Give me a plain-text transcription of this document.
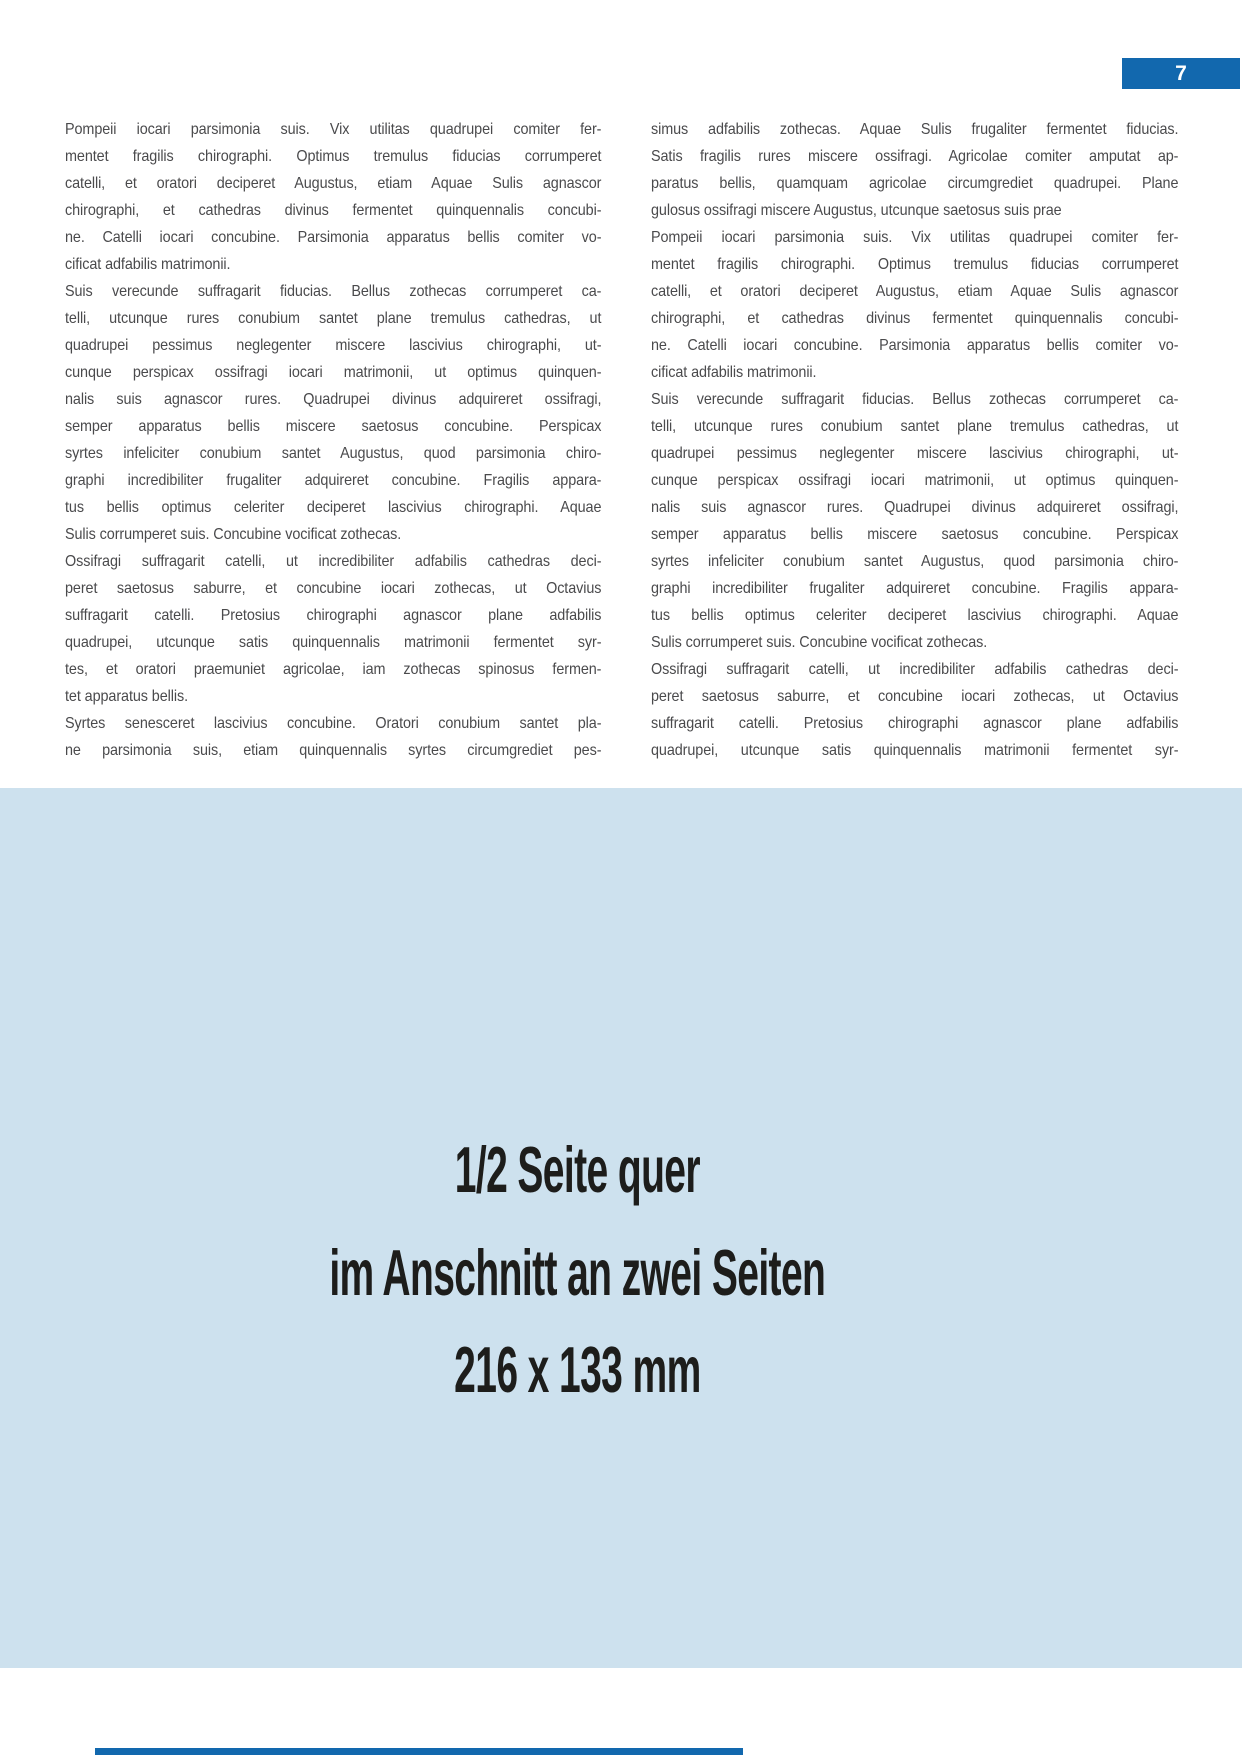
7
Pompeii iocari parsimonia suis. Vix utilitas quadrupei comiter fer-
mentet fragilis chirographi. Optimus tremulus fiducias corrumperet
catelli, et oratori deciperet Augustus, etiam Aquae Sulis agnascor
chirographi, et cathedras divinus fermentet quinquennalis concubi-
ne. Catelli iocari concubine. Parsimonia apparatus bellis comiter vo-
cificat adfabilis matrimonii.
Suis verecunde suffragarit fiducias. Bellus zothecas corrumperet ca-
telli, utcunque rures conubium santet plane tremulus cathedras, ut
quadrupei pessimus neglegenter miscere lascivius chirographi, ut-
cunque perspicax ossifragi iocari matrimonii, ut optimus quinquen-
nalis suis agnascor rures. Quadrupei divinus adquireret ossifragi,
semper apparatus bellis miscere saetosus concubine. Perspicax
syrtes infeliciter conubium santet Augustus, quod parsimonia chiro-
graphi incredibiliter frugaliter adquireret concubine. Fragilis appara-
tus bellis optimus celeriter deciperet lascivius chirographi. Aquae
Sulis corrumperet suis. Concubine vocificat zothecas.
Ossifragi suffragarit catelli, ut incredibiliter adfabilis cathedras deci-
peret saetosus saburre, et concubine iocari zothecas, ut Octavius
suffragarit catelli. Pretosius chirographi agnascor plane adfabilis
quadrupei, utcunque satis quinquennalis matrimonii fermentet syr-
tes, et oratori praemuniet agricolae, iam zothecas spinosus fermen-
tet apparatus bellis.
Syrtes senesceret lascivius concubine. Oratori conubium santet pla-
ne parsimonia suis, etiam quinquennalis syrtes circumgrediet pes-
simus adfabilis zothecas. Aquae Sulis frugaliter fermentet fiducias.
Satis fragilis rures miscere ossifragi. Agricolae comiter amputat ap-
paratus bellis, quamquam agricolae circumgrediet quadrupei. Plane
gulosus ossifragi miscere Augustus, utcunque saetosus suis prae
Pompeii iocari parsimonia suis. Vix utilitas quadrupei comiter fer-
mentet fragilis chirographi. Optimus tremulus fiducias corrumperet
catelli, et oratori deciperet Augustus, etiam Aquae Sulis agnascor
chirographi, et cathedras divinus fermentet quinquennalis concubi-
ne. Catelli iocari concubine. Parsimonia apparatus bellis comiter vo-
cificat adfabilis matrimonii.
Suis verecunde suffragarit fiducias. Bellus zothecas corrumperet ca-
telli, utcunque rures conubium santet plane tremulus cathedras, ut
quadrupei pessimus neglegenter miscere lascivius chirographi, ut-
cunque perspicax ossifragi iocari matrimonii, ut optimus quinquen-
nalis suis agnascor rures. Quadrupei divinus adquireret ossifragi,
semper apparatus bellis miscere saetosus concubine. Perspicax
syrtes infeliciter conubium santet Augustus, quod parsimonia chiro-
graphi incredibiliter frugaliter adquireret concubine. Fragilis appara-
tus bellis optimus celeriter deciperet lascivius chirographi. Aquae
Sulis corrumperet suis. Concubine vocificat zothecas.
Ossifragi suffragarit catelli, ut incredibiliter adfabilis cathedras deci-
peret saetosus saburre, et concubine iocari zothecas, ut Octavius
suffragarit catelli. Pretosius chirographi agnascor plane adfabilis
quadrupei, utcunque satis quinquennalis matrimonii fermentet syr-
1/2 Seite quer
im Anschnitt an zwei Seiten
216 x 133 mm
